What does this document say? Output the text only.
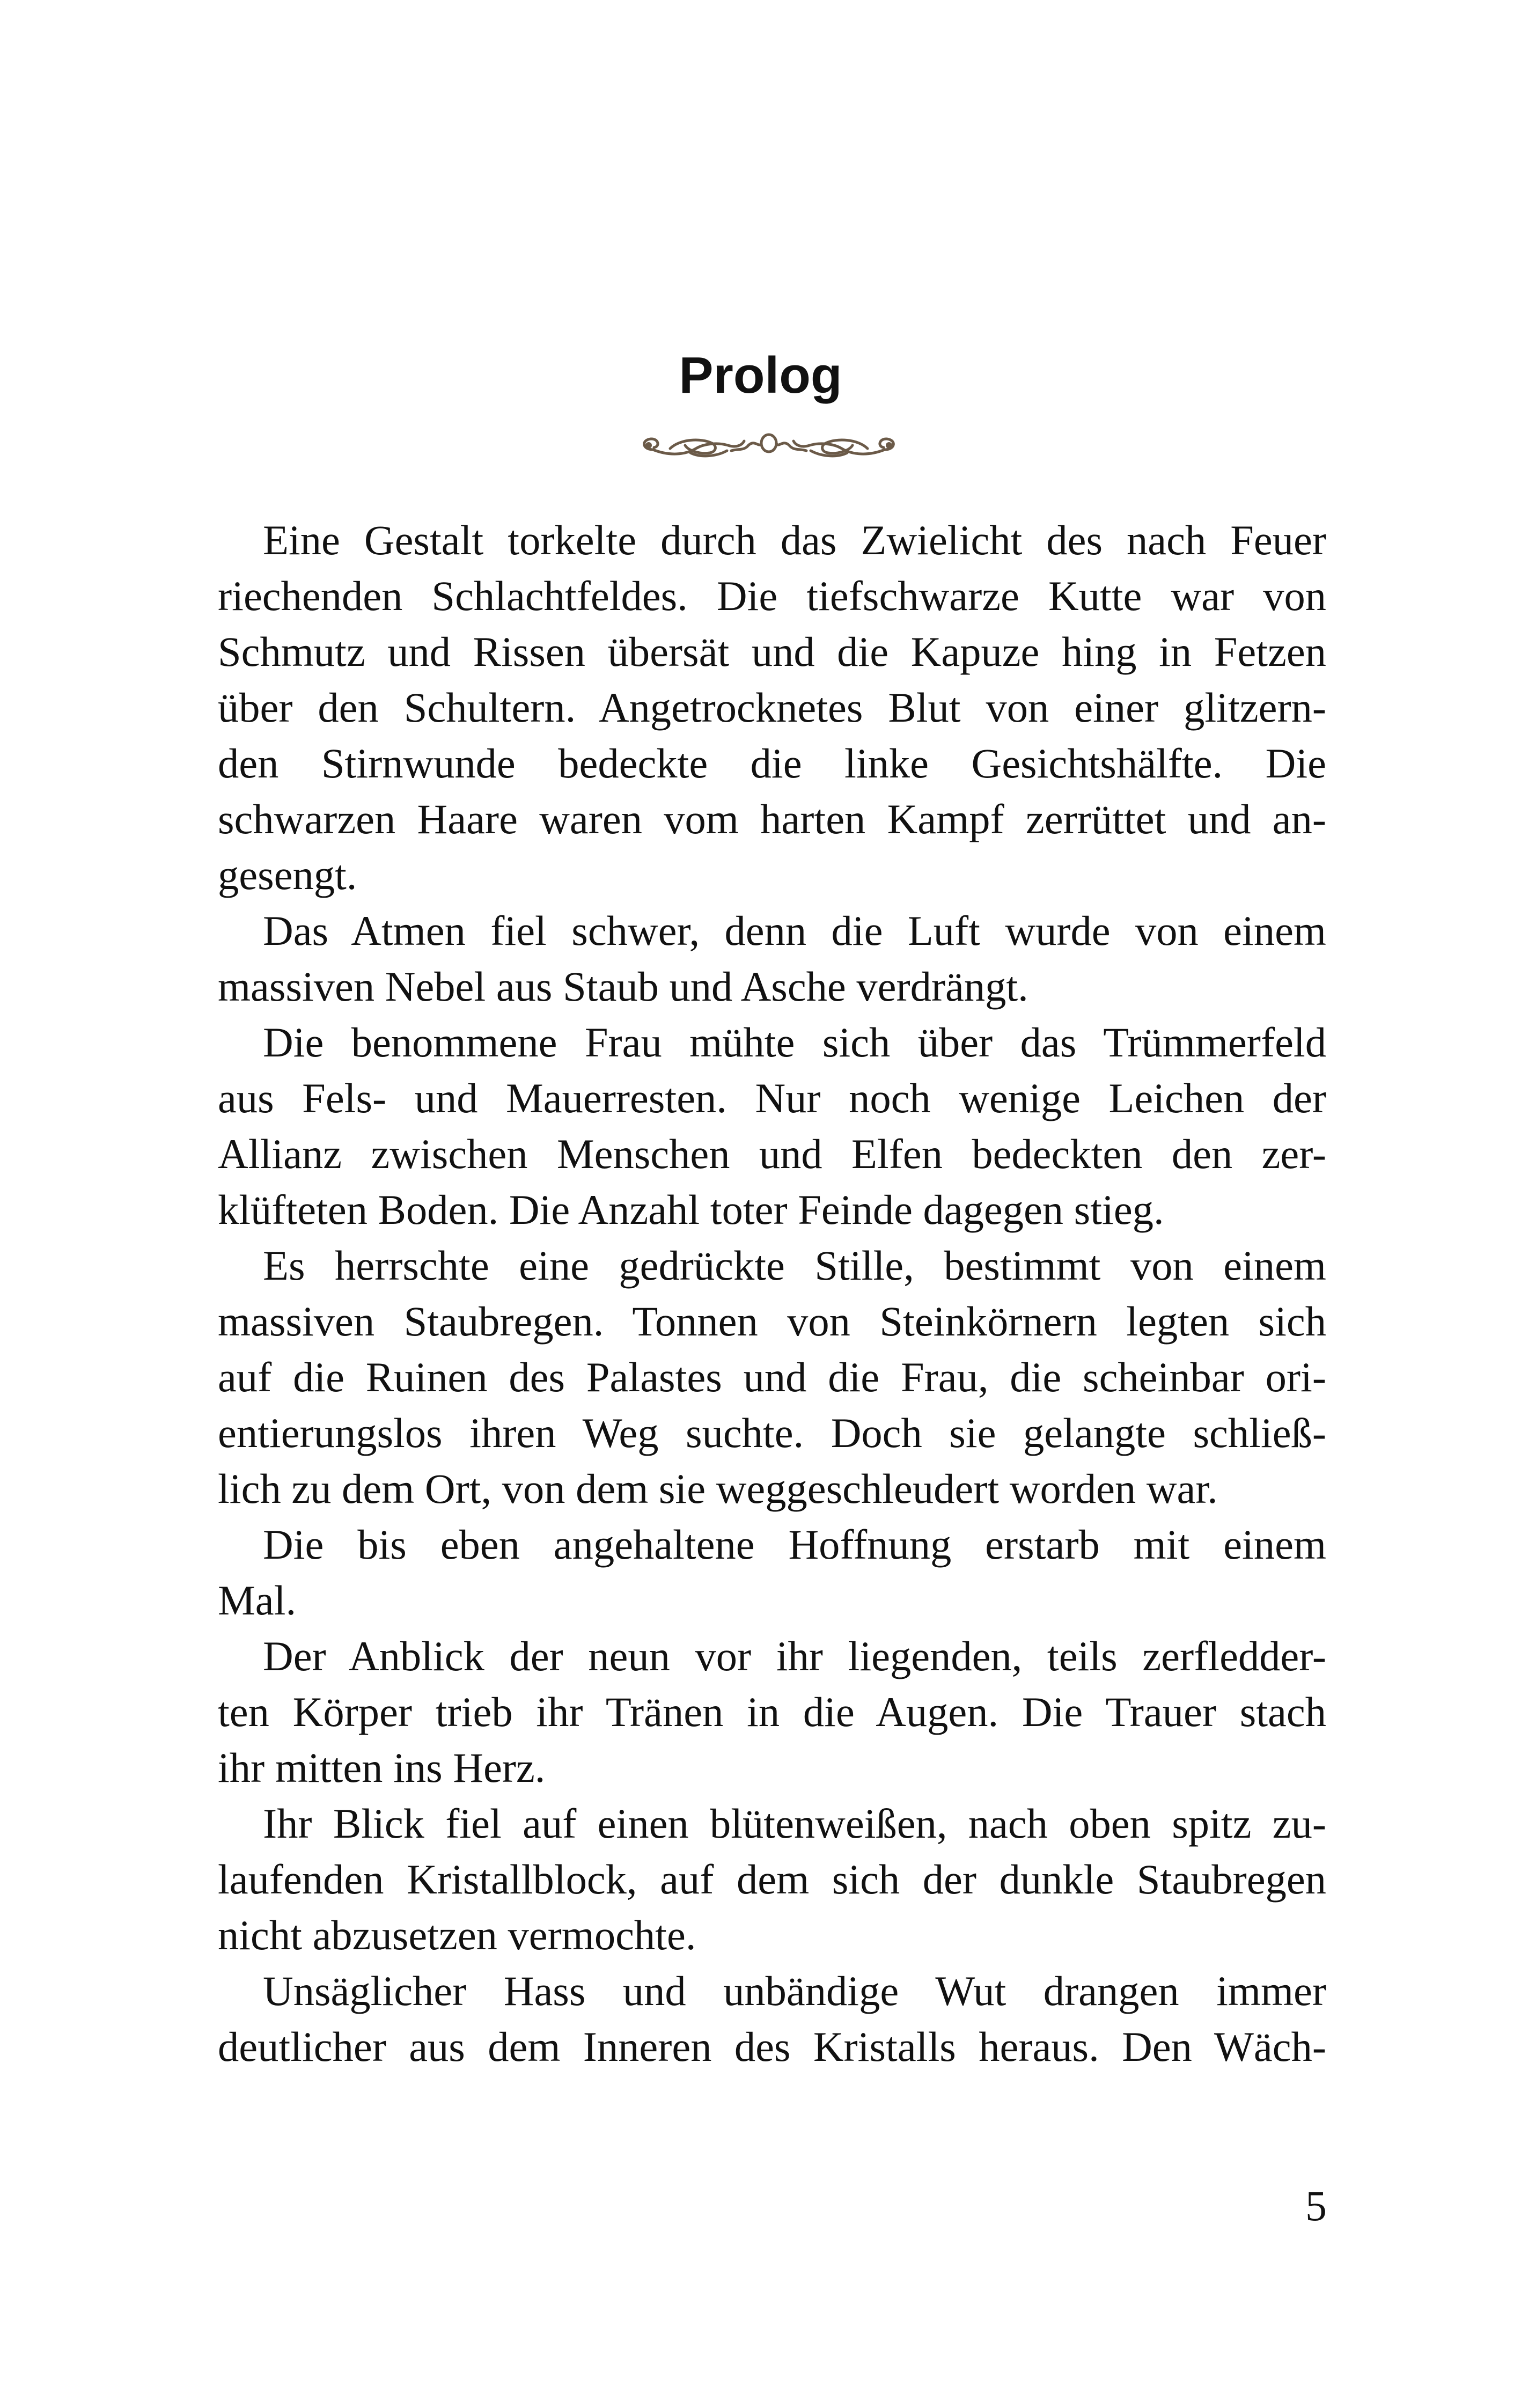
Prolog
Eine Gestalt torkelte durch das Zwielicht des nach Feuer
riechenden Schlachtfeldes. Die tiefschwarze Kutte war von
Schmutz und Rissen übersät und die Kapuze hing in Fetzen
über den Schultern. Angetrocknetes Blut von einer glitzern-
den Stirnwunde bedeckte die linke Gesichtshälfte. Die
schwarzen Haare waren vom harten Kampf zerrüttet und an-
gesengt.
Das Atmen fiel schwer, denn die Luft wurde von einem
massiven Nebel aus Staub und Asche verdrängt.
Die benommene Frau mühte sich über das Trümmerfeld
aus Fels- und Mauerresten. Nur noch wenige Leichen der
Allianz zwischen Menschen und Elfen bedeckten den zer-
klüfteten Boden. Die Anzahl toter Feinde dagegen stieg.
Es herrschte eine gedrückte Stille, bestimmt von einem
massiven Staubregen. Tonnen von Steinkörnern legten sich
auf die Ruinen des Palastes und die Frau, die scheinbar ori-
entierungslos ihren Weg suchte. Doch sie gelangte schließ-
lich zu dem Ort, von dem sie weggeschleudert worden war.
Die bis eben angehaltene Hoffnung erstarb mit einem
Mal.
Der Anblick der neun vor ihr liegenden, teils zerfledder-
ten Körper trieb ihr Tränen in die Augen. Die Trauer stach
ihr mitten ins Herz.
Ihr Blick fiel auf einen blütenweißen, nach oben spitz zu-
laufenden Kristallblock, auf dem sich der dunkle Staubregen
nicht abzusetzen vermochte.
Unsäglicher Hass und unbändige Wut drangen immer
deutlicher aus dem Inneren des Kristalls heraus. Den Wäch-
5
